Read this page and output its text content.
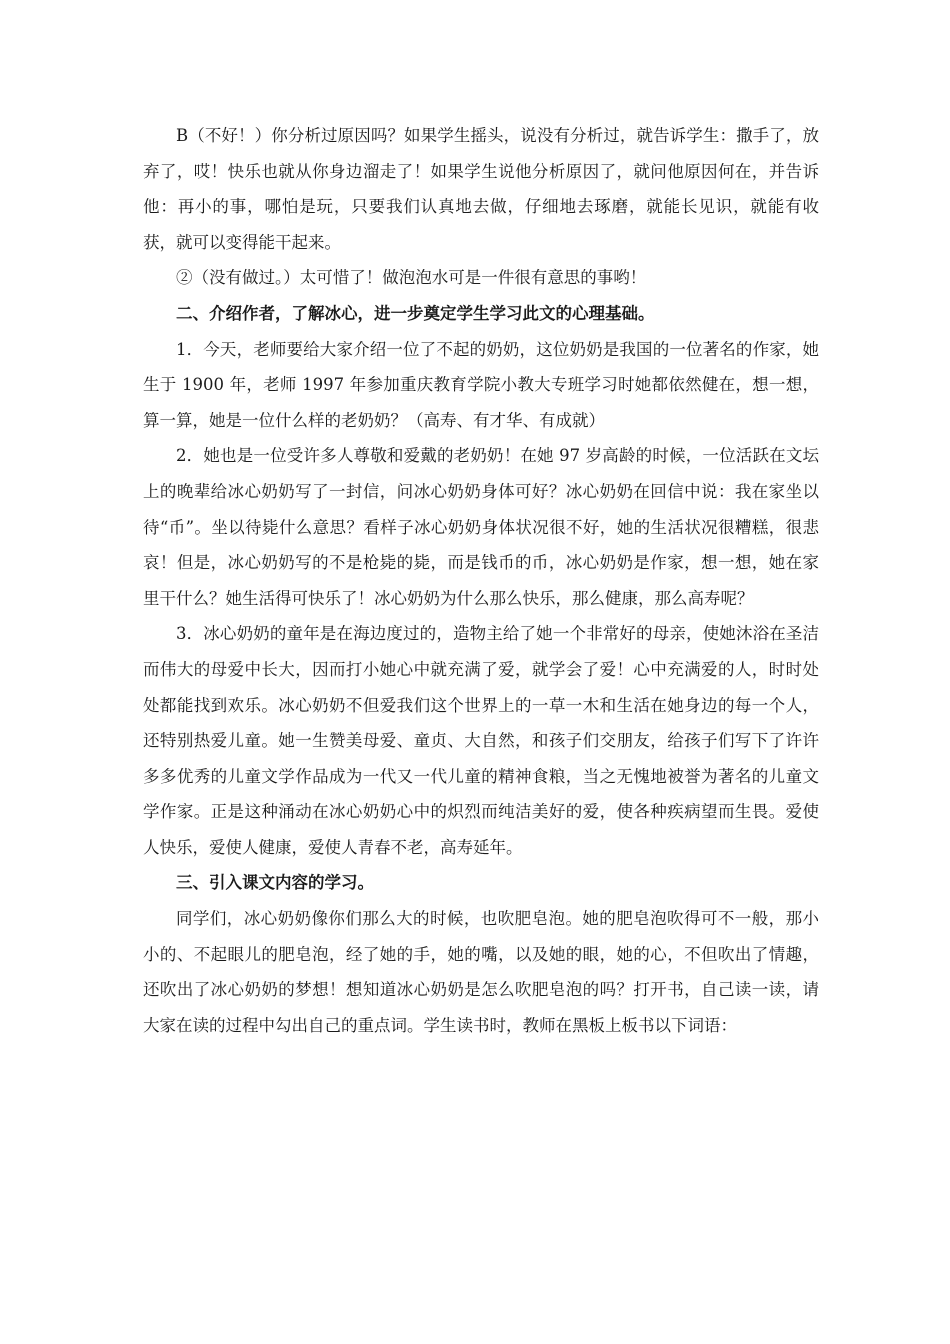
B（不好！）你分析过原因吗？如果学生摇头，说没有分析过，就告诉学生：撒手了，放弃了，哎！快乐也就从你身边溜走了！如果学生说他分析原因了，就问他原因何在，并告诉他：再小的事，哪怕是玩，只要我们认真地去做，仔细地去琢磨，就能长见识，就能有收获，就可以变得能干起来。

②（没有做过。）太可惜了！做泡泡水可是一件很有意思的事哟！

二、介绍作者，了解冰心，进一步奠定学生学习此文的心理基础。

1．今天，老师要给大家介绍一位了不起的奶奶，这位奶奶是我国的一位著名的作家，她生于 1900 年，老师 1997 年参加重庆教育学院小教大专班学习时她都依然健在，想一想，算一算，她是一位什么样的老奶奶？（高寿、有才华、有成就）

2．她也是一位受许多人尊敬和爱戴的老奶奶！在她 97 岁高龄的时候，一位活跃在文坛上的晚辈给冰心奶奶写了一封信，问冰心奶奶身体可好？冰心奶奶在回信中说：我在家坐以待“币”。坐以待毙什么意思？看样子冰心奶奶身体状况很不好，她的生活状况很糟糕，很悲哀！但是，冰心奶奶写的不是枪毙的毙，而是钱币的币，冰心奶奶是作家，想一想，她在家里干什么？她生活得可快乐了！冰心奶奶为什么那么快乐，那么健康，那么高寿呢？

3．冰心奶奶的童年是在海边度过的，造物主给了她一个非常好的母亲，使她沐浴在圣洁而伟大的母爱中长大，因而打小她心中就充满了爱，就学会了爱！心中充满爱的人，时时处处都能找到欢乐。冰心奶奶不但爱我们这个世界上的一草一木和生活在她身边的每一个人，还特别热爱儿童。她一生赞美母爱、童贞、大自然，和孩子们交朋友，给孩子们写下了许许多多优秀的儿童文学作品成为一代又一代儿童的精神食粮，当之无愧地被誉为著名的儿童文学作家。正是这种涌动在冰心奶奶心中的炽烈而纯洁美好的爱，使各种疾病望而生畏。爱使人快乐，爱使人健康，爱使人青春不老，高寿延年。

三、引入课文内容的学习。

同学们，冰心奶奶像你们那么大的时候，也吹肥皂泡。她的肥皂泡吹得可不一般，那小小的、不起眼儿的肥皂泡，经了她的手，她的嘴，以及她的眼，她的心，不但吹出了情趣，还吹出了冰心奶奶的梦想！想知道冰心奶奶是怎么吹肥皂泡的吗？打开书，自己读一读，请大家在读的过程中勾出自己的重点词。学生读书时，教师在黑板上板书以下词语：
